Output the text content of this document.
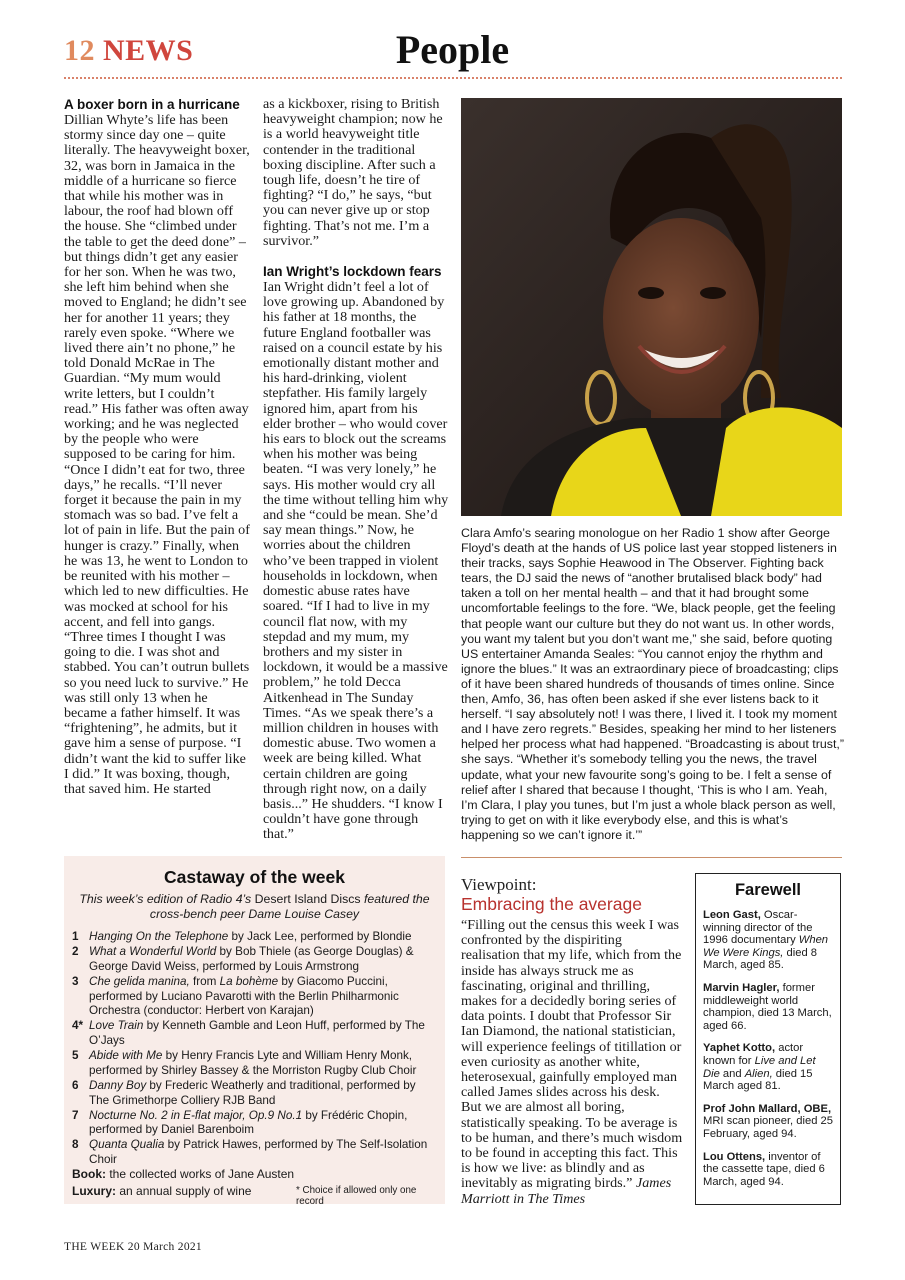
12 NEWS	People
A boxer born in a hurricane

Dillian Whyte’s life has been stormy since day one – quite literally. The heavyweight boxer, 32, was born in Jamaica in the middle of a hurricane so fierce that while his mother was in labour, the roof had blown off the house. She “climbed under the table to get the deed done” – but things didn’t get any easier for her son. When he was two, she left him behind when she moved to England; he didn’t see her for another 11 years; they rarely even spoke. “Where we lived there ain’t no phone,” he told Donald McRae in The Guardian. “My mum would write letters, but I couldn’t read.” His father was often away working; and he was neglected by the people who were supposed to be caring for him. “Once I didn’t eat for two, three days,” he recalls. “I’ll never forget it because the pain in my stomach was so bad. I’ve felt a lot of pain in life. But the pain of hunger is crazy.” Finally, when he was 13, he went to London to be reunited with his mother – which led to new difficulties. He was mocked at school for his accent, and fell into gangs. “Three times I thought I was going to die. I was shot and stabbed. You can’t outrun bullets so you need luck to survive.” He was still only 13 when he became a father himself. It was “frightening”, he admits, but it gave him a sense of purpose. “I didn’t want the kid to suffer like I did.” It was boxing, though, that saved him. He started

as a kickboxer, rising to British heavyweight champion; now he is a world heavyweight title contender in the traditional boxing discipline. After such a tough life, doesn’t he tire of fighting? “I do,” he says, “but you can never give up or stop fighting. That’s not me. I’m a survivor.”

Ian Wright’s lockdown fears

Ian Wright didn’t feel a lot of love growing up. Abandoned by his father at 18 months, the future England footballer was raised on a council estate by his emotionally distant mother and his hard-drinking, violent stepfather. His family largely ignored him, apart from his elder brother – who would cover his ears to block out the screams when his mother was being beaten. “I was very lonely,” he says. His mother would cry all the time without telling him why and she “could be mean. She’d say mean things.” Now, he worries about the children who’ve been trapped in violent households in lockdown, when domestic abuse rates have soared. “If I had to live in my council flat now, with my stepdad and my mum, my brothers and my sister in lockdown, it would be a massive problem,” he told Decca Aitkenhead in The Sunday Times. “As we speak there’s a million children in houses with domestic abuse. Two women a week are being killed. What certain children are going through right now, on a daily basis...” He shudders. “I know I couldn’t have gone through that.”

Clara Amfo’s searing monologue on her Radio 1 show after George Floyd’s death at the hands of US police last year stopped listeners in their tracks, says Sophie Heawood in The Observer. Fighting back tears, the DJ said the news of “another brutalised black body” had taken a toll on her mental health – and that it had brought some uncomfortable feelings to the fore. “We, black people, get the feeling that people want our culture but they do not want us. In other words, you want my talent but you don’t want me,” she said, before quoting US entertainer Amanda Seales: “You cannot enjoy the rhythm and ignore the blues.” It was an extraordinary piece of broadcasting; clips of it have been shared hundreds of thousands of times online. Since then, Amfo, 36, has often been asked if she ever listens back to it herself. “I say absolutely not! I was there, I lived it. I took my moment and I have zero regrets.” Besides, speaking her mind to her listeners helped her process what had happened. “Broadcasting is about trust,” she says. “Whether it’s somebody telling you the news, the travel update, what your new favourite song’s going to be. I felt a sense of relief after I shared that because I thought, ‘This is who I am. Yeah, I’m Clara, I play you tunes, but I’m just a whole black person as well, trying to get on with it like everybody else, and this is what’s happening so we can’t ignore it.’”
Castaway of the week
This week’s edition of Radio 4’s Desert Island Discs featured the cross-bench peer Dame Louise Casey
1 Hanging On the Telephone by Jack Lee, performed by Blondie
2 What a Wonderful World by Bob Thiele (as George Douglas) & George David Weiss, performed by Louis Armstrong
3 Che gelida manina, from La bohème by Giacomo Puccini, performed by Luciano Pavarotti with the Berlin Philharmonic Orchestra (conductor: Herbert von Karajan)
4* Love Train by Kenneth Gamble and Leon Huff, performed by The O’Jays
5 Abide with Me by Henry Francis Lyte and William Henry Monk, performed by Shirley Bassey & the Morriston Rugby Club Choir
6 Danny Boy by Frederic Weatherly and traditional, performed by The Grimethorpe Colliery RJB Band
7 Nocturne No. 2 in E-flat major, Op.9 No.1 by Frédéric Chopin, performed by Daniel Barenboim
8 Quanta Qualia by Patrick Hawes, performed by The Self-Isolation Choir
Book: the collected works of Jane Austen
Luxury: an annual supply of wine	* Choice if allowed only one record
Viewpoint:
Embracing the average
“Filling out the census this week I was confronted by the dispiriting realisation that my life, which from the inside has always struck me as fascinating, original and thrilling, makes for a decidedly boring series of data points. I doubt that Professor Sir Ian Diamond, the national statistician, will experience feelings of titillation or even curiosity as another white, heterosexual, gainfully employed man called James slides across his desk. But we are almost all boring, statistically speaking. To be average is to be human, and there’s much wisdom to be found in accepting this fact. This is how we live: as blindly and as inevitably as migrating birds.” James Marriott in The Times
Farewell
Leon Gast, Oscar-winning director of the 1996 documentary When We Were Kings, died 8 March, aged 85.
Marvin Hagler, former middleweight world champion, died 13 March, aged 66.
Yaphet Kotto, actor known for Live and Let Die and Alien, died 15 March aged 81.
Prof John Mallard, OBE, MRI scan pioneer, died 25 February, aged 94.
Lou Ottens, inventor of the cassette tape, died 6 March, aged 94.
THE WEEK 20 March 2021
